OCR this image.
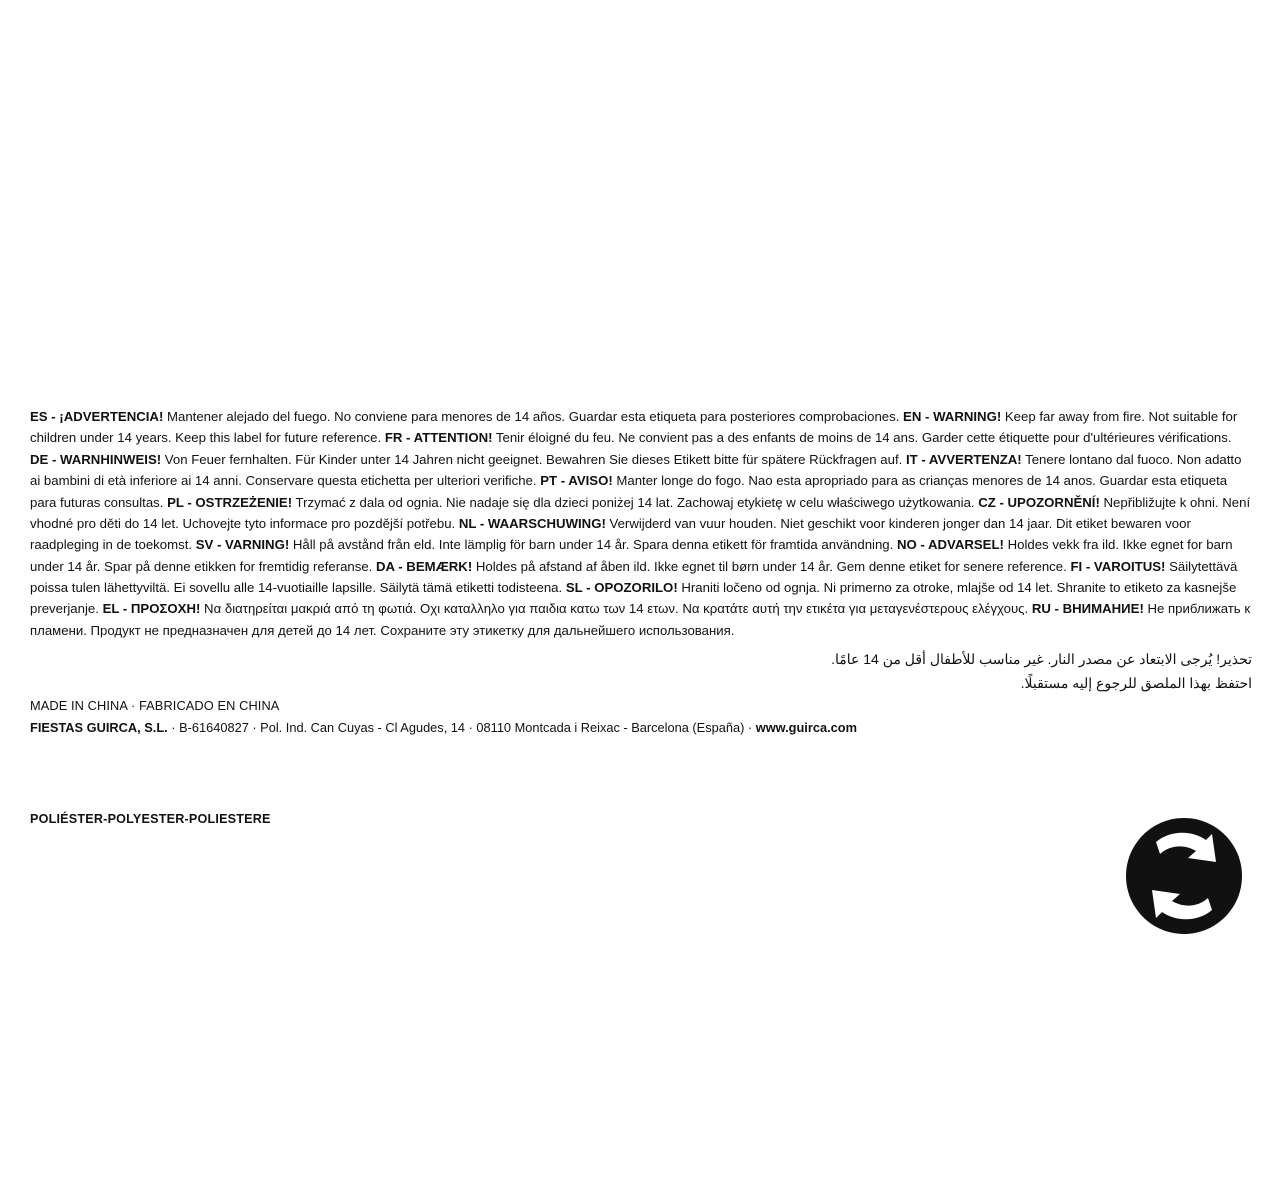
ES - ¡ADVERTENCIA! Mantener alejado del fuego. No conviene para menores de 14 años. Guardar esta etiqueta para posteriores comprobaciones. EN - WARNING! Keep far away from fire. Not suitable for children under 14 years. Keep this label for future reference. FR - ATTENTION! Tenir éloigné du feu. Ne convient pas a des enfants de moins de 14 ans. Garder cette étiquette pour d'ultérieures vérifications. DE - WARNHINWEIS! Von Feuer fernhalten. Für Kinder unter 14 Jahren nicht geeignet. Bewahren Sie dieses Etikett bitte für spätere Rückfragen auf. IT - AVVERTENZA! Tenere lontano dal fuoco. Non adatto ai bambini di età inferiore ai 14 anni. Conservare questa etichetta per ulteriori verifiche. PT - AVISO! Manter longe do fogo. Nao esta apropriado para as crianças menores de 14 anos. Guardar esta etiqueta para futuras consultas. PL - OSTRZEŻENIE! Trzymać z dala od ognia. Nie nadaje się dla dzieci poniżej 14 lat. Zachowaj etykietę w celu właściwego użytkowania. CZ - UPOZORNĚNÍ! Nepřibližujte k ohni. Není vhodné pro děti do 14 let. Uchovejte tyto informace pro pozdější potřebu. NL - WAARSCHUWING! Verwijderd van vuur houden. Niet geschikt voor kinderen jonger dan 14 jaar. Dit etiket bewaren voor raadpleging in de toekomst. SV - VARNING! Håll på avstånd från eld. Inte lämplig för barn under 14 år. Spara denna etikett för framtida användning. NO - ADVARSEL! Holdes vekk fra ild. Ikke egnet for barn under 14 år. Spar på denne etikken for fremtidig referanse. DA - BEMÆRK! Holdes på afstand af åben ild. Ikke egnet til børn under 14 år. Gem denne etiket for senere reference. FI - VAROITUS! Säilytettävä poissa tulen lähettyviltä. Ei sovellu alle 14-vuotiaille lapsille. Säilytä tämä etiketti todisteena. SL - OPOZORILO! Hraniti ločeno od ognja. Ni primerno za otroke, mlajše od 14 let. Shranite to etiketo za kasnejše preverjanje. EL - ΠΡΟΣΟΧΗ! Να διατηρείται μακριά από τη φωτιά. Οχι καταλληλο για παιδια κατω των 14 ετων. Να κρατάτε αυτή την ετικέτα για μεταγενέστερους ελέγχους. RU - ВНИМАНИЕ! Не приближать к пламени. Продукт не предназначен для детей до 14 лет. Сохраните эту этикетку для дальнейшего использования.
تحذير! يُرجى الابتعاد عن مصدر النار. غير مناسب للأطفال أقل من 14 عامًا. احتفظ بهذا الملصق للرجوع إليه مستقبلًا.
MADE IN CHINA · FABRICADO EN CHINA
FIESTAS GUIRCA, S.L. · B-61640827 · Pol. Ind. Can Cuyas - Cl Agudes, 14 · 08110 Montcada i Reixac - Barcelona (España) · www.guirca.com
POLIÉSTER-POLYESTER-POLIESTERE
